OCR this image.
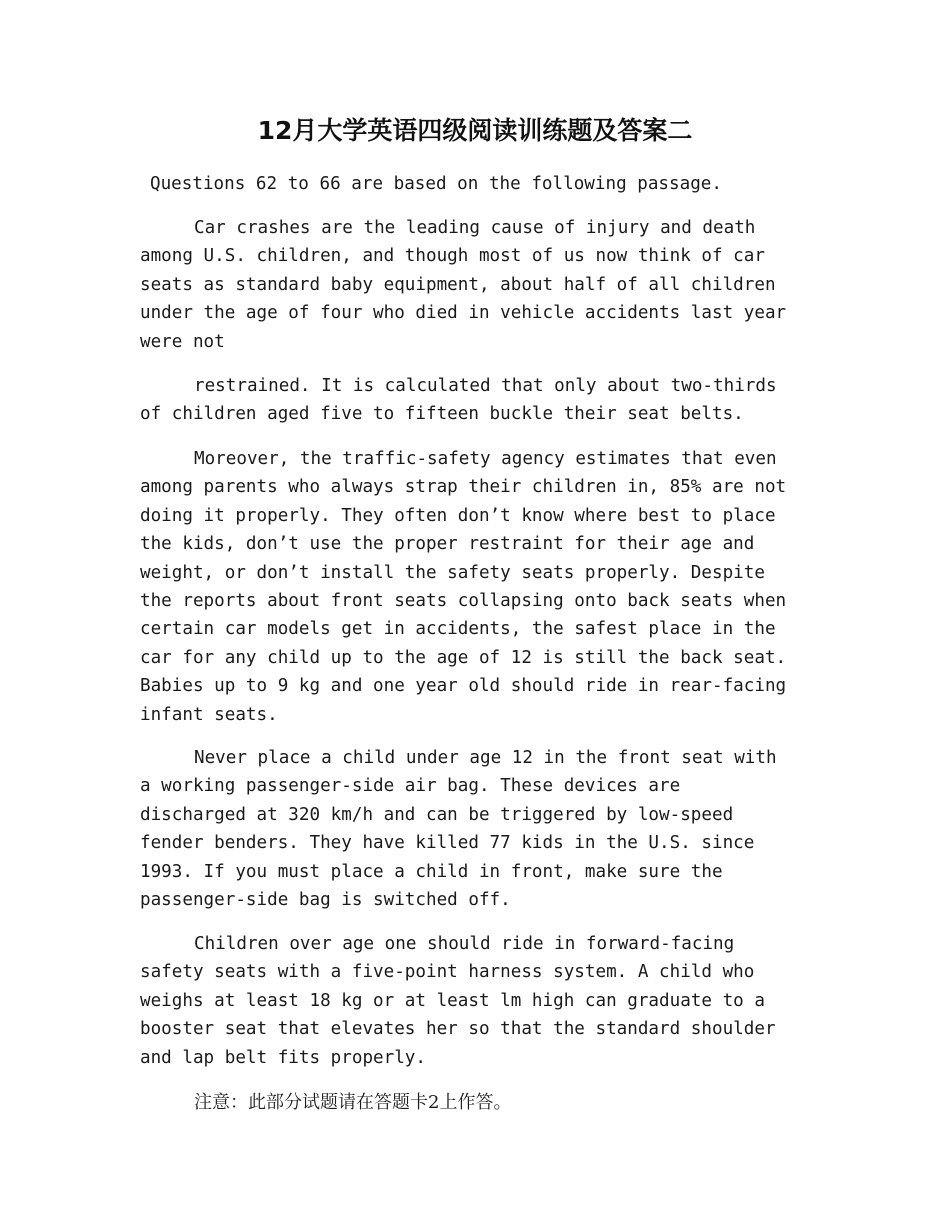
12月大学英语四级阅读训练题及答案二

Questions 62 to 66 are based on the following passage.

Car crashes are the leading cause of injury and death
among U.S. children, and though most of us now think of car
seats as standard baby equipment, about half of all children
under the age of four who died in vehicle accidents last year
were not
restrained. It is calculated that only about two-thirds
of children aged five to fifteen buckle their seat belts.
Moreover, the traffic-safety agency estimates that even
among parents who always strap their children in, 85% are not
doing it properly. They often don’t know where best to place
the kids, don’t use the proper restraint for their age and
weight, or don’t install the safety seats properly. Despite
the reports about front seats collapsing onto back seats when
certain car models get in accidents, the safest place in the
car for any child up to the age of 12 is still the back seat.
Babies up to 9 kg and one year old should ride in rear-facing
infant seats.
Never place a child under age 12 in the front seat with
a working passenger-side air bag. These devices are
discharged at 320 km/h and can be triggered by low-speed
fender benders. They have killed 77 kids in the U.S. since
1993. If you must place a child in front, make sure the
passenger-side bag is switched off.
Children over age one should ride in forward-facing
safety seats with a five-point harness system. A child who
weighs at least 18 kg or at least lm high can graduate to a
booster seat that elevates her so that the standard shoulder
and lap belt fits properly.

注意：此部分试题请在答题卡2上作答。
